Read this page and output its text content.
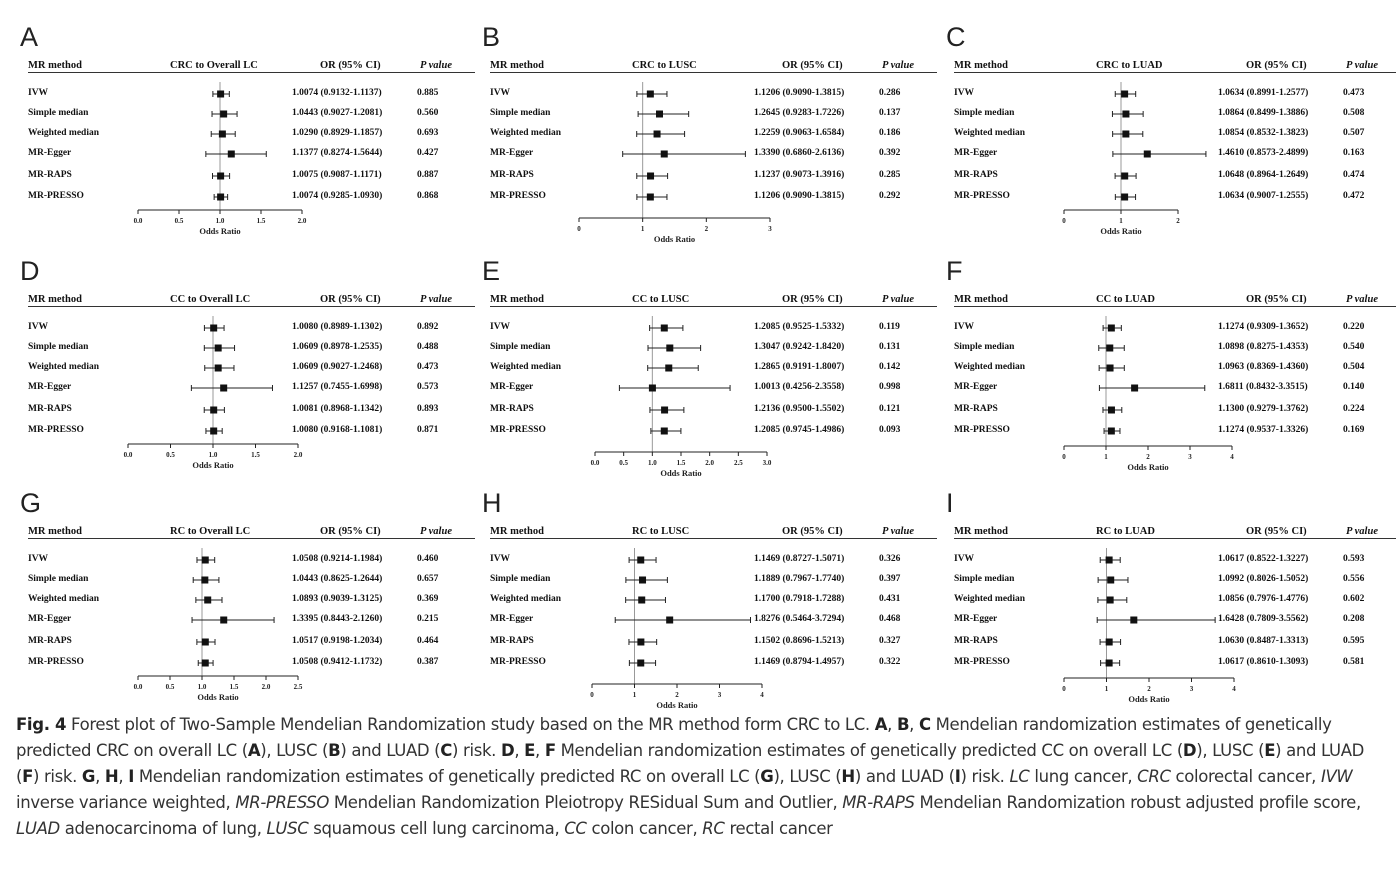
A
MR method	CRC to Overall LC	OR (95% CI)	P value
IVW	1.0074 (0.9132-1.1137)	0.885
Simple median	1.0443 (0.9027-1.2081)	0.560
Weighted median	1.0290 (0.8929-1.1857)	0.693
MR-Egger	1.1377 (0.8274-1.5644)	0.427
MR-RAPS	1.0075 (0.9087-1.1171)	0.887
MR-PRESSO	1.0074 (0.9285-1.0930)	0.868
0.0	0.5	1.0	1.5	2.0
Odds Ratio
B
MR method	CRC to LUSC	OR (95% CI)	P value
IVW	1.1206 (0.9090-1.3815)	0.286
Simple median	1.2645 (0.9283-1.7226)	0.137
Weighted median	1.2259 (0.9063-1.6584)	0.186
MR-Egger	1.3390 (0.6860-2.6136)	0.392
MR-RAPS	1.1237 (0.9073-1.3916)	0.285
MR-PRESSO	1.1206 (0.9090-1.3815)	0.292
0	1	2	3
Odds Ratio
C
MR method	CRC to LUAD	OR (95% CI)	P value
IVW	1.0634 (0.8991-1.2577)	0.473
Simple median	1.0864 (0.8499-1.3886)	0.508
Weighted median	1.0854 (0.8532-1.3823)	0.507
MR-Egger	1.4610 (0.8573-2.4899)	0.163
MR-RAPS	1.0648 (0.8964-1.2649)	0.474
MR-PRESSO	1.0634 (0.9007-1.2555)	0.472
0	1	2
Odds Ratio
D
MR method	CC to Overall LC	OR (95% CI)	P value
IVW	1.0080 (0.8989-1.1302)	0.892
Simple median	1.0609 (0.8978-1.2535)	0.488
Weighted median	1.0609 (0.9027-1.2468)	0.473
MR-Egger	1.1257 (0.7455-1.6998)	0.573
MR-RAPS	1.0081 (0.8968-1.1342)	0.893
MR-PRESSO	1.0080 (0.9168-1.1081)	0.871
0.0	0.5	1.0	1.5	2.0
Odds Ratio
E
MR method	CC to LUSC	OR (95% CI)	P value
IVW	1.2085 (0.9525-1.5332)	0.119
Simple median	1.3047 (0.9242-1.8420)	0.131
Weighted median	1.2865 (0.9191-1.8007)	0.142
MR-Egger	1.0013 (0.4256-2.3558)	0.998
MR-RAPS	1.2136 (0.9500-1.5502)	0.121
MR-PRESSO	1.2085 (0.9745-1.4986)	0.093
0.0	0.5	1.0	1.5	2.0	2.5	3.0
Odds Ratio
F
MR method	CC to LUAD	OR (95% CI)	P value
IVW	1.1274 (0.9309-1.3652)	0.220
Simple median	1.0898 (0.8275-1.4353)	0.540
Weighted median	1.0963 (0.8369-1.4360)	0.504
MR-Egger	1.6811 (0.8432-3.3515)	0.140
MR-RAPS	1.1300 (0.9279-1.3762)	0.224
MR-PRESSO	1.1274 (0.9537-1.3326)	0.169
0	1	2	3	4
Odds Ratio
G
MR method	RC to Overall LC	OR (95% CI)	P value
IVW	1.0508 (0.9214-1.1984)	0.460
Simple median	1.0443 (0.8625-1.2644)	0.657
Weighted median	1.0893 (0.9039-1.3125)	0.369
MR-Egger	1.3395 (0.8443-2.1260)	0.215
MR-RAPS	1.0517 (0.9198-1.2034)	0.464
MR-PRESSO	1.0508 (0.9412-1.1732)	0.387
0.0	0.5	1.0	1.5	2.0	2.5
Odds Ratio
H
MR method	RC to LUSC	OR (95% CI)	P value
IVW	1.1469 (0.8727-1.5071)	0.326
Simple median	1.1889 (0.7967-1.7740)	0.397
Weighted median	1.1700 (0.7918-1.7288)	0.431
MR-Egger	1.8276 (0.5464-3.7294)	0.468
MR-RAPS	1.1502 (0.8696-1.5213)	0.327
MR-PRESSO	1.1469 (0.8794-1.4957)	0.322
0	1	2	3	4
Odds Ratio
I
MR method	RC to LUAD	OR (95% CI)	P value
IVW	1.0617 (0.8522-1.3227)	0.593
Simple median	1.0992 (0.8026-1.5052)	0.556
Weighted median	1.0856 (0.7976-1.4776)	0.602
MR-Egger	1.6428 (0.7809-3.5562)	0.208
MR-RAPS	1.0630 (0.8487-1.3313)	0.595
MR-PRESSO	1.0617 (0.8610-1.3093)	0.581
0	1	2	3	4
Odds Ratio
Fig. 4 Forest plot of Two-Sample Mendelian Randomization study based on the MR method form CRC to LC. A, B, C Mendelian randomization estimates of genetically predicted CRC on overall LC (A), LUSC (B) and LUAD (C) risk. D, E, F Mendelian randomization estimates of genetically predicted CC on overall LC (D), LUSC (E) and LUAD (F) risk. G, H, I Mendelian randomization estimates of genetically predicted RC on overall LC (G), LUSC (H) and LUAD (I) risk. LC lung cancer, CRC colorectal cancer, IVW inverse variance weighted, MR-PRESSO Mendelian Randomization Pleiotropy RESidual Sum and Outlier, MR-RAPS Mendelian Randomization robust adjusted profile score, LUAD adenocarcinoma of lung, LUSC squamous cell lung carcinoma, CC colon cancer, RC rectal cancer
